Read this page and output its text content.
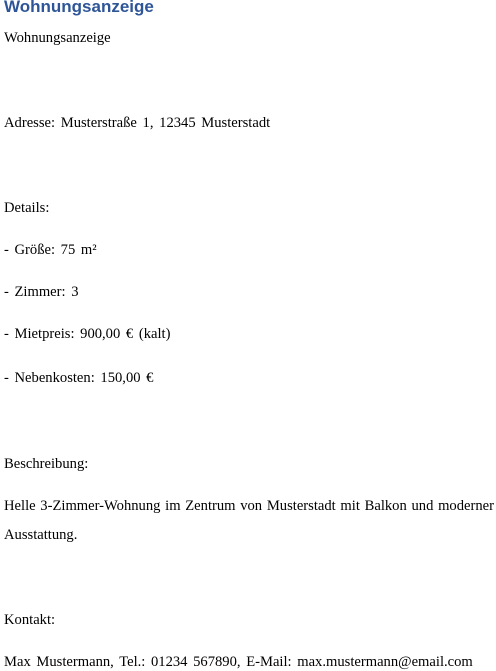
Wohnungsanzeige

Wohnungsanzeige

Adresse: Musterstraße 1, 12345 Musterstadt

Details:

- Größe: 75 m²

- Zimmer: 3

- Mietpreis: 900,00 € (kalt)

- Nebenkosten: 150,00 €

Beschreibung:

Helle 3-Zimmer-Wohnung im Zentrum von Musterstadt mit Balkon und moderner

Ausstattung.

Kontakt:

Max Mustermann, Tel.: 01234 567890, E-Mail: max.mustermann@email.com
